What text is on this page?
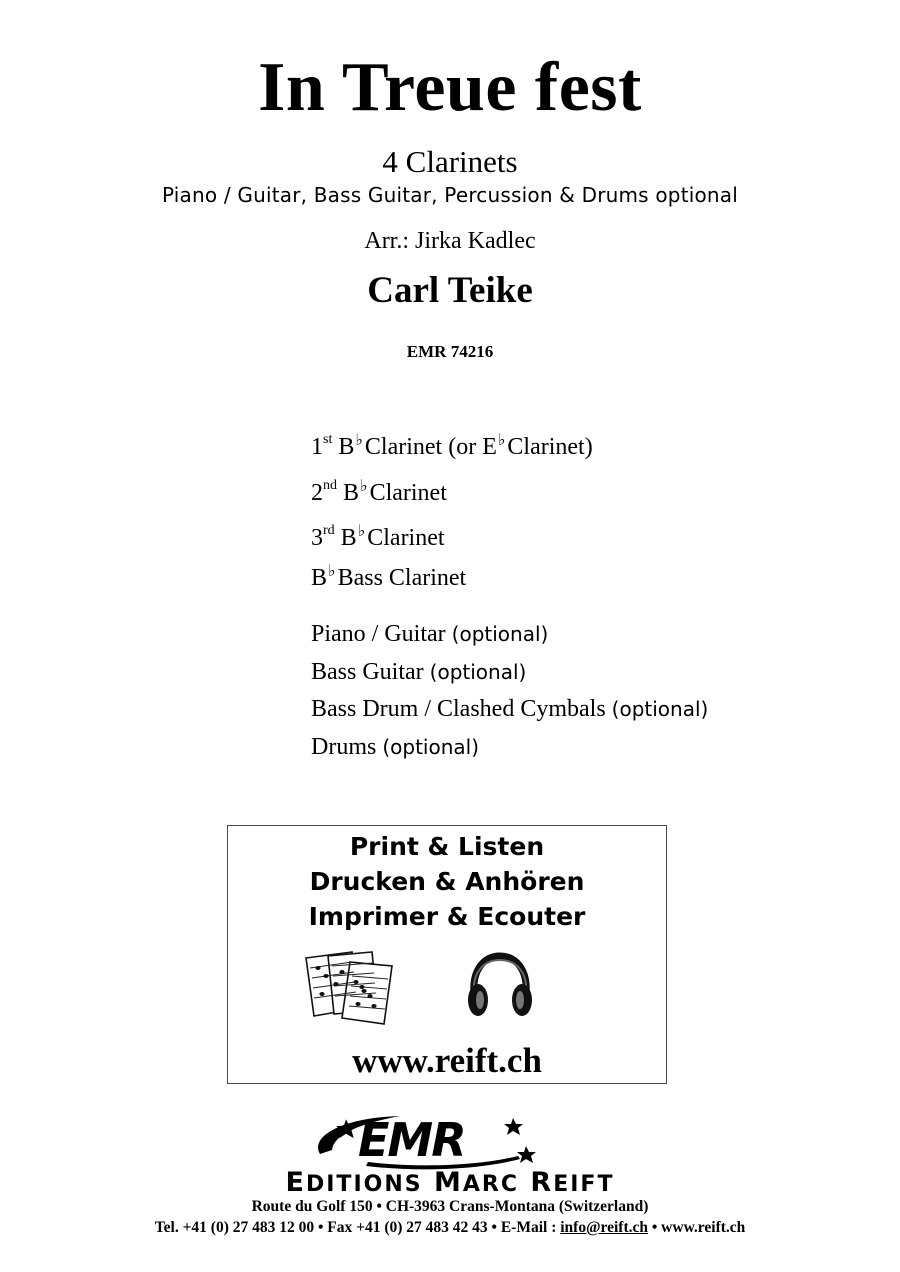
In Treue fest
4 Clarinets
Piano / Guitar, Bass Guitar, Percussion & Drums optional
Arr.: Jirka Kadlec
Carl Teike
EMR 74216
1st B♭Clarinet (or E♭Clarinet)
2nd B♭Clarinet
3rd B♭Clarinet
B♭Bass Clarinet
Piano / Guitar (optional)
Bass Guitar (optional)
Bass Drum / Clashed Cymbals (optional)
Drums (optional)
Print & Listen
Drucken & Anhören
Imprimer & Ecouter
www.reift.ch
EMR
EDITIONS MARC REIFT
Route du Golf 150 • CH-3963 Crans-Montana (Switzerland)
Tel. +41 (0) 27 483 12 00 • Fax +41 (0) 27 483 42 43 • E-Mail : info@reift.ch • www.reift.ch
